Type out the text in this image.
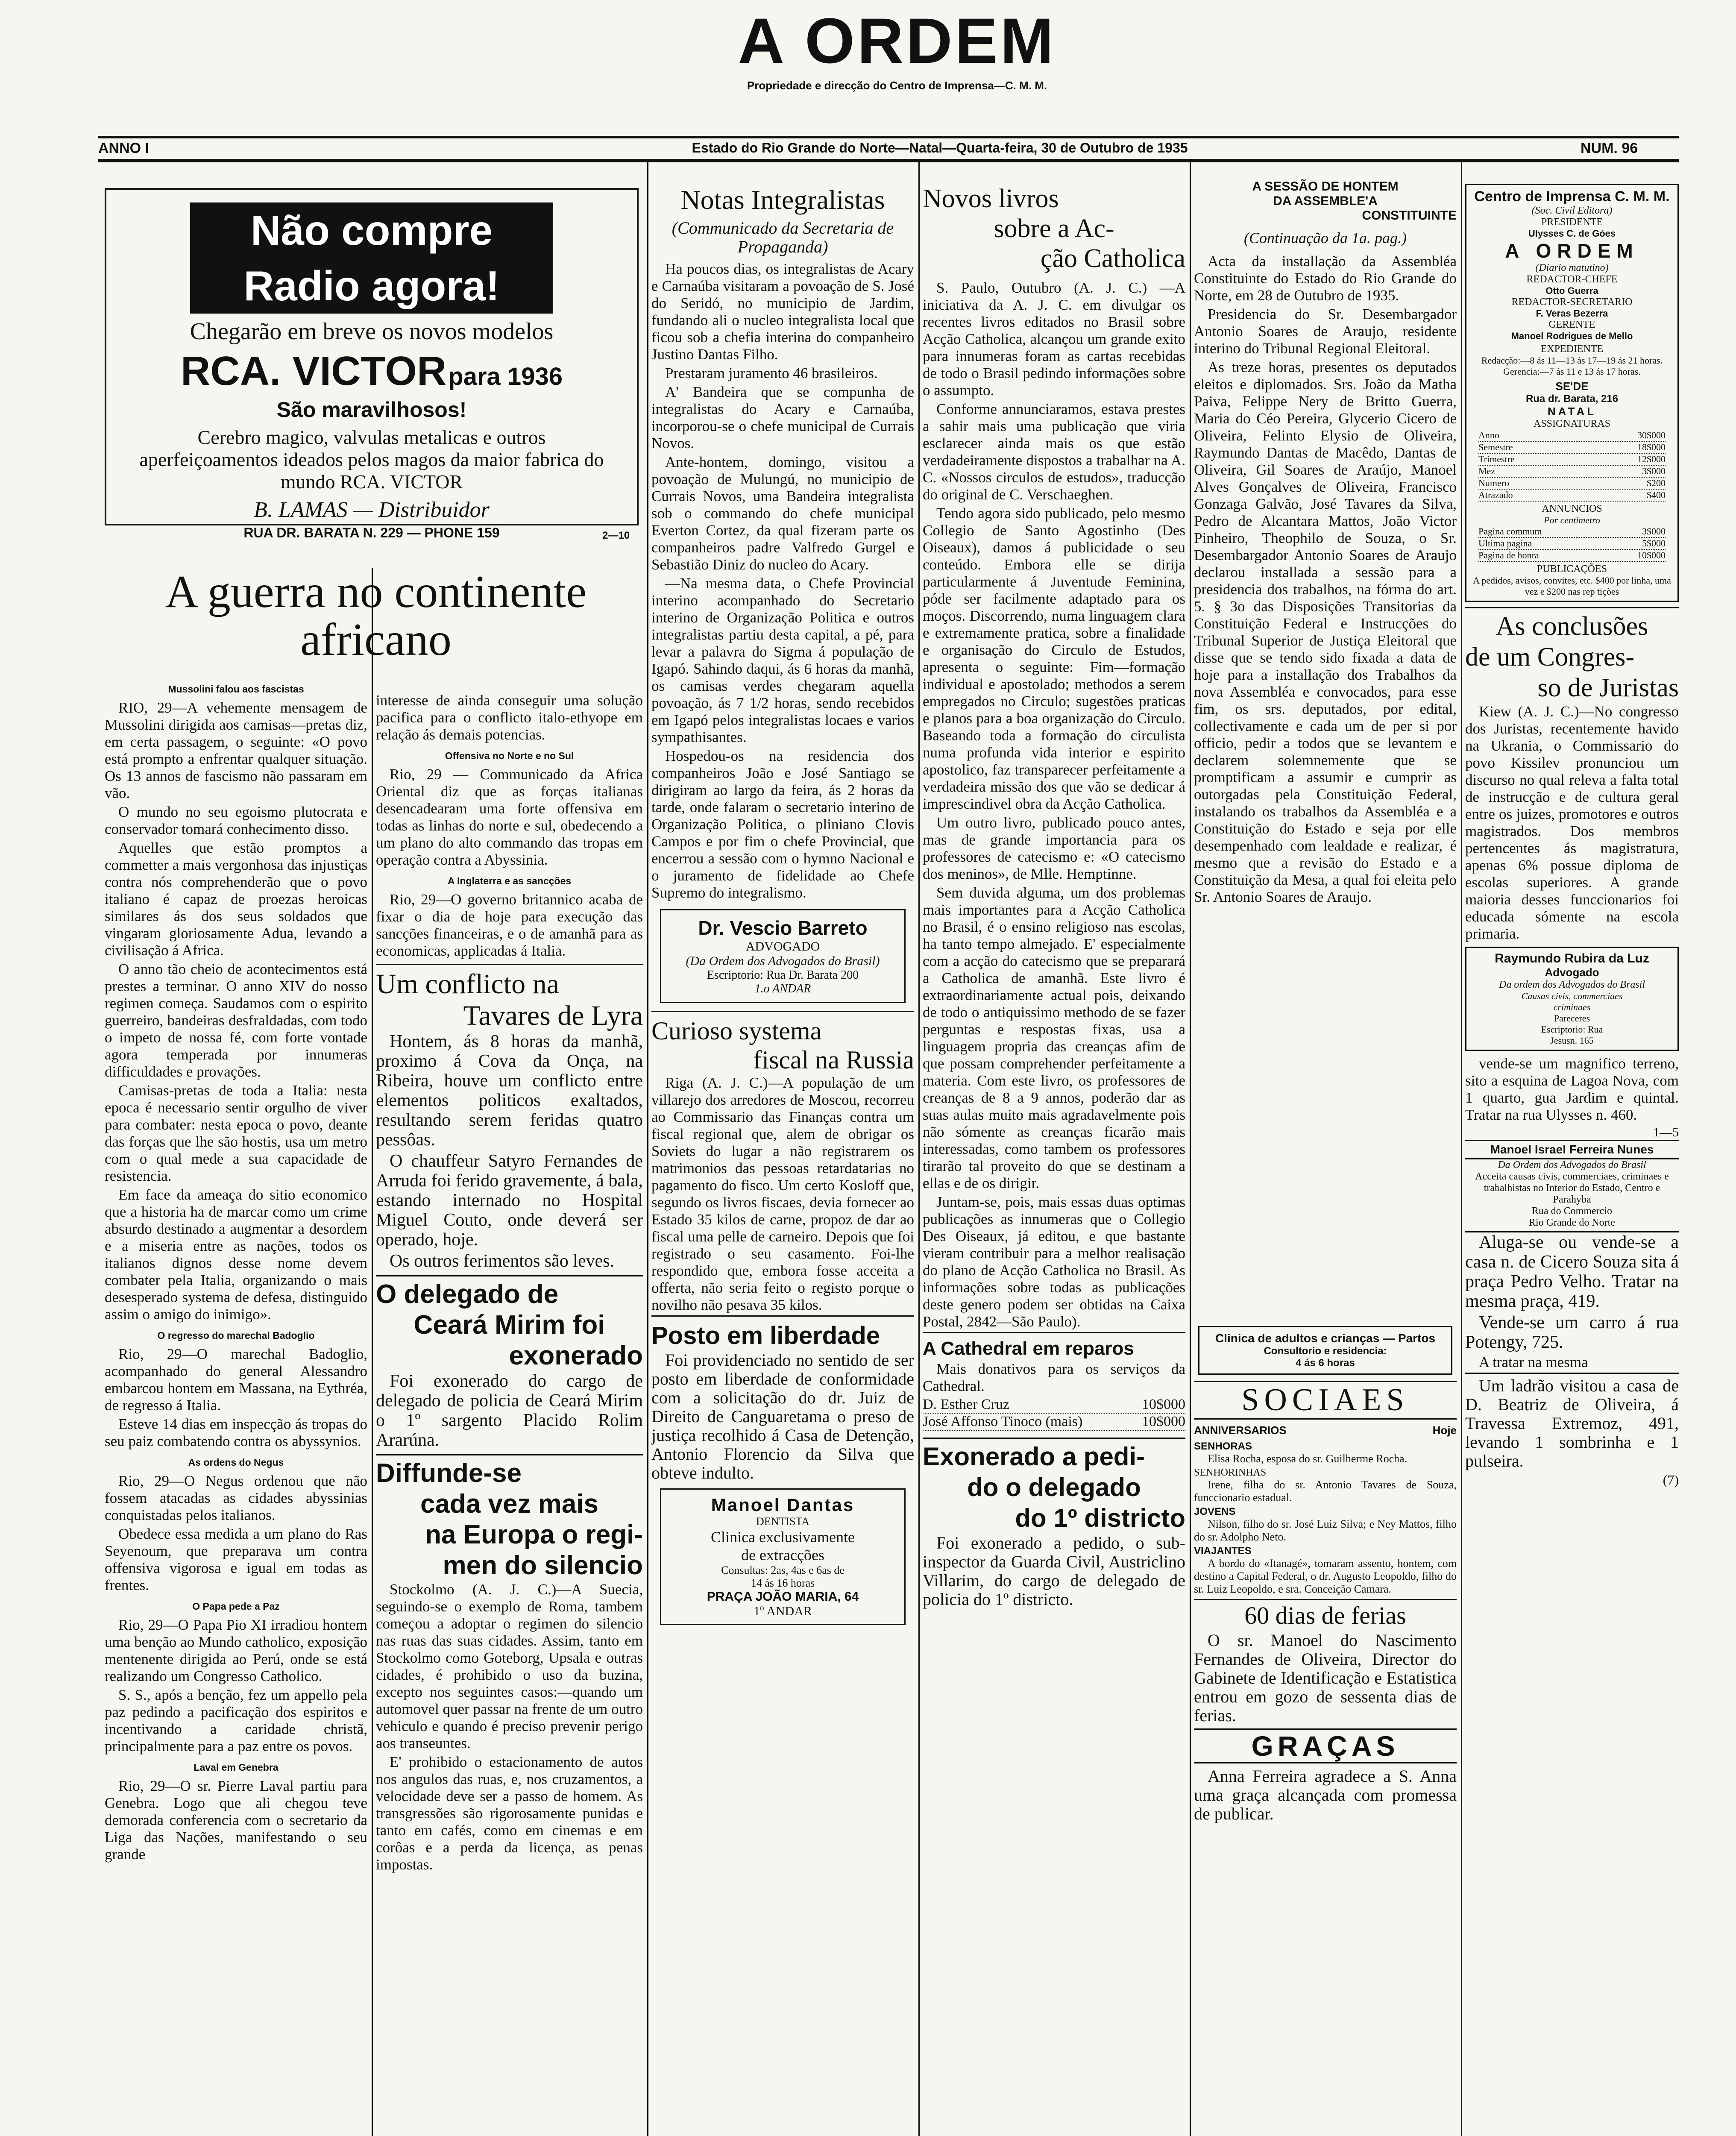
A ORDEM
Propriedade e direcção do Centro de Imprensa—C. M. M.
ANNO I	Estado do Rio Grande do Norte—Natal—Quarta-feira, 30 de Outubro de 1935	NUM. 96
Não compre Radio agora!
Chegarão em breve os novos modelos
RCA. VICTOR para 1936
São maravilhosos!
Cerebro magico, valvulas metalicas e outros aperfeiçoamentos ideados pelos magos da maior fabrica do mundo RCA. VICTOR
B. LAMAS — Distribuidor
RUA DR. BARATA N. 229 — PHONE 159	2—10
A guerra no continente africano
Mussolini falou aos fascistas

RIO, 29—A vehemente mensagem de Mussolini dirigida aos camisas—pretas diz, em certa passagem, o seguinte: «O povo está prompto a enfrentar qualquer situação. Os 13 annos de fascismo não passaram em vão.

O mundo no seu egoismo plutocrata e conservador tomará conhecimento disso.

Aquelles que estão promptos a commetter a mais vergonhosa das injustiças contra nós comprehenderão que o povo italiano é capaz de proezas heroicas similares ás dos seus soldados que vingaram gloriosamente Adua, levando a civilisação á Africa.

O anno tão cheio de acontecimentos está prestes a terminar. O anno XIV do nosso regimen começa. Saudamos com o espirito guerreiro, bandeiras desfraldadas, com todo o impeto de nossa fé, com forte vontade agora temperada por innumeras difficuldades e provações.

Camisas-pretas de toda a Italia: nesta epoca é necessario sentir orgulho de viver para combater: nesta epoca o povo, deante das forças que lhe são hostis, usa um metro com o qual mede a sua capacidade de resistencia.

Em face da ameaça do sitio economico que a historia ha de marcar como um crime absurdo destinado a augmentar a desordem e a miseria entre as nações, todos os italianos dignos desse nome devem combater pela Italia, organizando o mais desesperado systema de defesa, distinguido assim o amigo do inimigo».

O regresso do marechal Badoglio

Rio, 29—O marechal Badoglio, acompanhado do general Alessandro embarcou hontem em Massana, na Eythréa, de regresso á Italia.

Esteve 14 dias em inspecção ás tropas do seu paiz combatendo contra os abyssynios.

As ordens do Negus

Rio, 29—O Negus ordenou que não fossem atacadas as cidades abyssinias conquistadas pelos italianos.

Obedece essa medida a um plano do Ras Seyenoum, que preparava um contra offensiva vigorosa e igual em todas as frentes.

O Papa pede a Paz

Rio, 29—O Papa Pio XI irradiou hontem uma benção ao Mundo catholico, exposição mentenente dirigida ao Perú, onde se está realizando um Congresso Catholico.

S. S., após a benção, fez um appello pela paz pedindo a pacificação dos espiritos e incentivando a caridade christã, principalmente para a paz entre os povos.

Laval em Genebra

Rio, 29—O sr. Pierre Laval partiu para Genebra. Logo que ali chegou teve demorada conferencia com o secretario da Liga das Nações, manifestando o seu grande

interesse de ainda conseguir uma solução pacifica para o conflicto italo-ethyope em relação ás demais potencias.

Offensiva no Norte e no Sul

Rio, 29 — Communicado da Africa Oriental diz que as forças italianas desencadearam uma forte offensiva em todas as linhas do norte e sul, obedecendo a um plano do alto commando das tropas em operação contra a Abyssinia.

A Inglaterra e as sancções

Rio, 29—O governo britannico acaba de fixar o dia de hoje para execução das sancções financeiras, e o de amanhã para as economicas, applicadas á Italia.

Um conflicto na
Tavares de Lyra

Hontem, ás 8 horas da manhã, proximo á Cova da Onça, na Ribeira, houve um conflicto entre elementos politicos exaltados, resultando serem feridas quatro pessôas.

O chauffeur Satyro Fernandes de Arruda foi ferido gravemente, á bala, estando internado no Hospital Miguel Couto, onde deverá ser operado, hoje.

Os outros ferimentos são leves.

O delegado de
Ceará Mirim foi
exonerado

Foi exonerado do cargo de delegado de policia de Ceará Mirim o 1º sargento Placido Rolim Ararúna.

Diffunde-se
cada vez mais
na Europa o regi-
men do silencio

Stockolmo (A. J. C.)—A Suecia, seguindo-se o exemplo de Roma, tambem começou a adoptar o regimen do silencio nas ruas das suas cidades. Assim, tanto em Stockolmo como Goteborg, Upsala e outras cidades, é prohibido o uso da buzina, excepto nos seguintes casos:—quando um automovel quer passar na frente de um outro vehiculo e quando é preciso prevenir perigo aos transeuntes.

E' prohibido o estacionamento de autos nos angulos das ruas, e, nos cruzamentos, a velocidade deve ser a passo de homem. As transgressões são rigorosamente punidas e tanto em cafés, como em cinemas e em corôas e a perda da licença, as penas impostas.

Notas Integralistas
(Communicado da Secretaria de Propaganda)

Ha poucos dias, os integralistas de Acary e Carnaúba visitaram a povoação de S. José do Seridó, no municipio de Jardim, fundando ali o nucleo integralista local que ficou sob a chefia interina do companheiro Justino Dantas Filho.

Prestaram juramento 46 brasileiros.

A' Bandeira que se compunha de integralistas do Acary e Carnaúba, incorporou-se o chefe municipal de Currais Novos.

Ante-hontem, domingo, visitou a povoação de Mulungú, no municipio de Currais Novos, uma Bandeira integralista sob o commando do chefe municipal Everton Cortez, da qual fizeram parte os companheiros padre Valfredo Gurgel e Sebastião Diniz do nucleo do Acary.

—Na mesma data, o Chefe Provincial interino acompanhado do Secretario interino de Organização Politica e outros integralistas partiu desta capital, a pé, para levar a palavra do Sigma á população de Igapó. Sahindo daqui, ás 6 horas da manhã, os camisas verdes chegaram aquella povoação, ás 7 1/2 horas, sendo recebidos em Igapó pelos integralistas locaes e varios sympathisantes.

Hospedou-os na residencia dos companheiros João e José Santiago se dirigiram ao largo da feira, ás 2 horas da tarde, onde falaram o secretario interino de Organização Politica, o plinianо Clovis Campos e por fim o chefe Provincial, que encerrou a sessão com o hymno Nacional e o juramento de fidelidade ao Chefe Supremo do integralismo.

Dr. Vescio Barreto
ADVOGADO
(Da Ordem dos Advogados do Brasil)
Escriptorio: Rua Dr. Barata 200
1.o ANDAR
Curioso systema
fiscal na Russia

Riga (A. J. C.)—A população de um villarejo dos arredores de Moscou, recorreu ao Commissario das Finanças contra um fiscal regional que, alem de obrigar os Soviets do lugar a não registrarem os matrimonios das pessoas retardatarias no pagamento do fisco. Um certo Kosloff que, segundo os livros fiscaes, devia fornecer ao Estado 35 kilos de carne, propoz de dar ao fiscal uma pelle de carneiro. Depois que foi registrado o seu casamento. Foi-lhe respondido que, embora fosse acceita a offerta, não seria feito o registo porque o novilho não pesava 35 kilos.

Posto em liberdade

Foi providenciado no sentido de ser posto em liberdade de conformidade com a solicitação do dr. Juiz de Direito de Canguaretama o preso de justiça recolhido á Casa de Detenção, Antonio Florencio da Silva que obteve indulto.

Manoel Dantas
DENTISTA
Clinica exclusivamente
de extracções
Consultas: 2as, 4as e 6as de
14 ás 16 horas
PRAÇA JOÃO MARIA, 64
1º ANDAR
Novos livros
sobre a Ac-
ção Catholica

S. Paulo, Outubro (A. J. C.) —A iniciativa da A. J. C. em divulgar os recentes livros editados no Brasil sobre Acção Catholica, alcançou um grande exito para innumeras foram as cartas recebidas de todo o Brasil pedindo informações sobre o assumpto.

Conforme annunciaramos, estava prestes a sahir mais uma publicação que viria esclarecer ainda mais os que estão verdadeiramente dispostos a trabalhar na A. C. «Nossos circulos de estudos», traducção do original de C. Verschaeghen.

Tendo agora sido publicado, pelo mesmo Collegio de Santo Agostinho (Des Oiseaux), damos á publicidade o seu conteúdo. Embora elle se dirija particularmente á Juventude Feminina, póde ser facilmente adaptado para os moços. Discorrendo, numa linguagem clara e extremamente pratica, sobre a finalidade e organisação do Circulo de Estudos, apresenta o seguinte: Fim—formação individual e apostolado; methodos a serem empregados no Circulo; sugestões praticas e planos para a boa organização do Circulo. Baseando toda a formação do circulista numa profunda vida interior e espirito apostolico, faz transparecer perfeitamente a verdadeira missão dos que vão se dedicar á imprescindivel obra da Acção Catholica.

Um outro livro, publicado pouco antes, mas de grande importancia para os professores de catecismo e: «O catecismo dos meninos», de Mlle. Hemptinne.

Sem duvida alguma, um dos problemas mais importantes para a Acção Catholica no Brasil, é o ensino religioso nas escolas, ha tanto tempo almejado. E' especialmente com a acção do catecismo que se preparará a Catholica de amanhã. Este livro é extraordinariamente actual pois, deixando de todo o antiquissimo methodo de se fazer perguntas e respostas fixas, usa a linguagem propria das creanças afim de que possam comprehender perfeitamente a materia. Com este livro, os professores de creanças de 8 a 9 annos, poderão dar as suas aulas muito mais agradavelmente pois não sómente as creanças ficarão mais interessadas, como tambem os professores tirarão tal proveito do que se destinam a ellas e de os dirigir.

Juntam-se, pois, mais essas duas optimas publicações as innumeras que o Collegio Des Oiseaux, já editou, e que bastante vieram contribuir para a melhor realisação do plano de Acção Catholica no Brasil. As informações sobre todas as publicações deste genero podem ser obtidas na Caixa Postal, 2842—São Paulo).

A Cathedral em reparos

Mais donativos para os serviços da Cathedral.

D. Esther Cruz	10$000
José Affonso Tinoco (mais)	10$000
Exonerado a pedi-
do o delegado
do 1º districto

Foi exonerado a pedido, o sub-inspector da Guarda Civil, Austriclino Villarim, do cargo de delegado de policia do 1º districto.

A SESSÃO DE HONTEM
DA ASSEMBLE'A
CONSTITUINTE
(Continuação da 1a. pag.)

Acta da installação da Assembléa Constituinte do Estado do Rio Grande do Norte, em 28 de Outubro de 1935.

Presidencia do Sr. Desembargador Antonio Soares de Araujo, residente interino do Tribunal Regional Eleitoral.

As treze horas, presentes os deputados eleitos e diplomados. Srs. João da Matha Paiva, Felippe Nery de Britto Guerra, Maria do Céo Pereira, Glycerio Cicero de Oliveira, Felinto Elysio de Oliveira, Raymundo Dantas de Macêdo, Dantas de Oliveira, Gil Soares de Araújo, Manoel Alves Gonçalves de Oliveira, Francisco Gonzaga Galvão, José Tavares da Silva, Pedro de Alcantara Mattos, João Victor Pinheiro, Theophilo de Souza, o Sr. Desembargador Antonio Soares de Araujo declarou installada a sessão para a presidencia dos trabalhos, na fórma do art. 5. § 3o das Disposições Transitorias da Constituição Federal e Instrucções do Tribunal Superior de Justiça Eleitoral que disse que se tendo sido fixada a data de hoje para a installação dos Trabalhos da nova Assembléa e convocados, para esse fim, os srs. deputados, por edital, collectivamente e cada um de per si por officio, pedir a todos que se levantem e declarem solemnemente que se promptificam a assumir e cumprir as outorgadas pela Constituição Federal, instalando os trabalhos da Assembléa e a Constituição do Estado e seja por elle desempenhado com lealdade e realizar, é mesmo que a revisão do Estado e a Constituição da Mesa, a qual foi eleita pelo Sr. Antonio Soares de Araujo.

Clinica de adultos e crianças — Partos
Consultorio e residencia:
4 ás 6 horas
SOCIAES
ANNIVERSARIOS	Hoje
SENHORAS

Elisa Rocha, esposa do sr. Guilherme Rocha.

SENHORINHAS

Irene, filha do sr. Antonio Tavares de Souza, funccionario estadual.

JOVENS

Nilson, filho do sr. José Luiz Silva; e Ney Mattos, filho do sr. Adolpho Neto.

VIAJANTES

A bordo do «Itanagé», tomaram assento, hontem, com destino a Capital Federal, o dr. Augusto Leopoldo, filho do sr. Luiz Leopoldo, e sra. Conceição Camara.

60 dias de ferias

O sr. Manoel do Nascimento Fernandes de Oliveira, Director do Gabinete de Identificação e Estatistica entrou em gozo de sessenta dias de ferias.

GRAÇAS

Anna Ferreira agradece a S. Anna uma graça alcançada com promessa de publicar.

Centro de Imprensa C. M. M.
(Soc. Civil Editora)
PRESIDENTE
Ulysses C. de Góes
A ORDEM
(Diario matutino)
REDACTOR-CHEFE
Otto Guerra
REDACTOR-SECRETARIO
F. Veras Bezerra
GERENTE
Manoel Rodrigues de Mello
EXPEDIENTE
Redacção:—8 ás 11—13 ás 17—19 ás 21 horas.
Gerencia:—7 ás 11 e 13 ás 17 horas.
SE'DE
Rua dr. Barata, 216
NATAL
ASSIGNATURAS
Anno	30$000
Semestre	18$000
Trimestre	12$000
Mez	3$000
Numero	$200
Atrazado	$400
ANNUNCIOS
Por centimetro
Pagina commum	3$000
Ultima pagina	5$000
Pagina de honra	10$000
PUBLICAÇÕES
A pedidos, avisos, convites, etc. $400 por linha, uma vez e $200 nas rep tições
As conclusões
de um Congres-
so de Juristas

Kiew (A. J. C.)—No congresso dos Juristas, recentemente havido na Ukrania, o Commissario do povo Kissilev pronunciou um discurso no qual releva a falta total de instrucção e de cultura geral entre os juizes, promotores e outros magistrados. Dos membros pertencentes ás magistratura, apenas 6% possue diploma de escolas superiores. A grande maioria desses funccionarios foi educada sómente na escola primaria.

Raymundo Rubira da Luz
Advogado
Da ordem dos Advogados do Brasil
Causas civis, commerciaes
criminaes
Pareceres
Escriptorio: Rua
Jesusn. 165

vende-se um magnifico terreno, sito a esquina de Lagoa Nova, com 1 quarto, gua Jardim e quintal. Tratar na rua Ulysses n. 460.

1—5
Manoel Israel Ferreira Nunes
Da Ordem dos Advogados do Brasil
Acceita causas civis, commerciaes, criminaes e trabalhistas no Interior do Estado, Centro e Parahyba
Rua do Commercio
Rio Grande do Norte

Aluga-se ou vende-se a casa n. de Cicero Souza sita á praça Pedro Velho. Tratar na mesma praça, 419.

Vende-se um carro á rua Potengy, 725.

A tratar na mesma

Um ladrão visitou a casa de D. Beatriz de Oliveira, á Travessa Extremoz, 491, levando 1 sombrinha e 1 pulseira.

(7)
